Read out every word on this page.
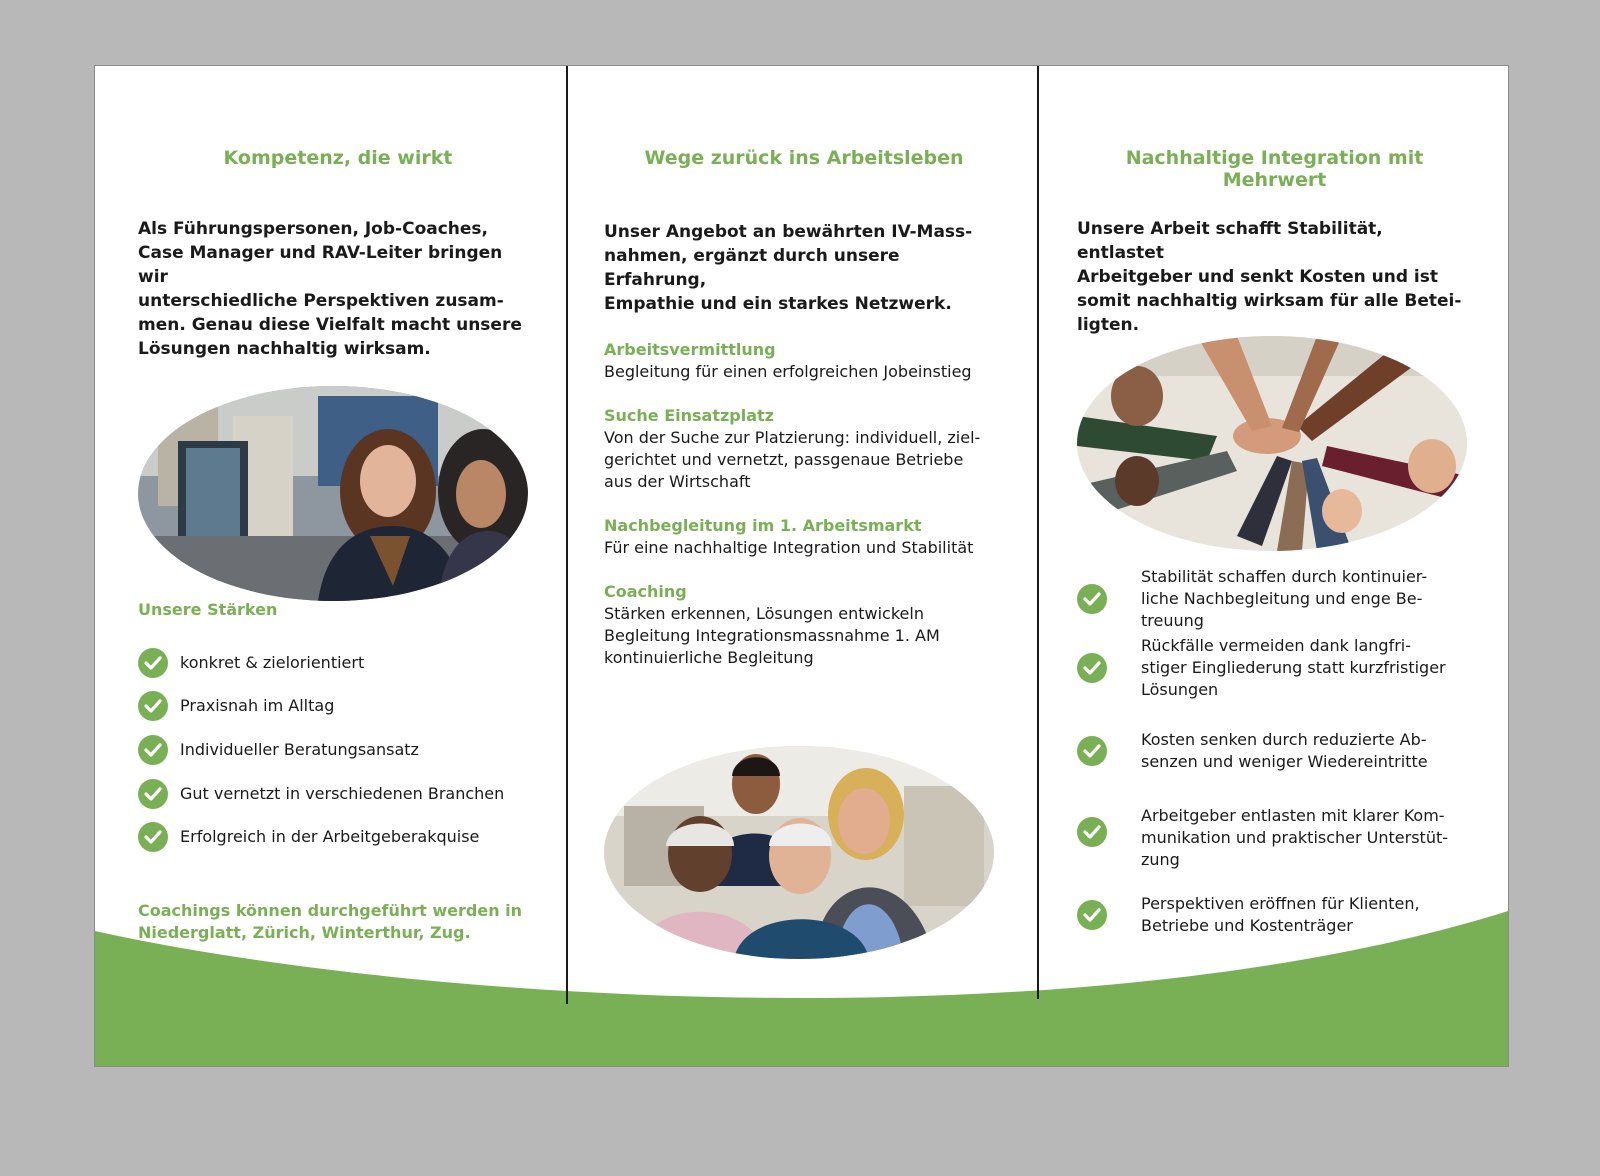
Kompetenz, die wirkt
Als Führungspersonen, Job-Coaches,
Case Manager und RAV-Leiter bringen wir
unterschiedliche Perspektiven zusam-
men. Genau diese Vielfalt macht unsere
Lösungen nachhaltig wirksam.
Unsere Stärken
konkret & zielorientiert
Praxisnah im Alltag
Individueller Beratungsansatz
Gut vernetzt in verschiedenen Branchen
Erfolgreich in der Arbeitgeberakquise
Coachings können durchgeführt werden in
Niederglatt, Zürich, Winterthur, Zug.
Wege zurück ins Arbeitsleben
Unser Angebot an bewährten IV-Mass-
nahmen, ergänzt durch unsere Erfahrung,
Empathie und ein starkes Netzwerk.
Arbeitsvermittlung
Begleitung für einen erfolgreichen Jobeinstieg
Suche Einsatzplatz
Von der Suche zur Platzierung: individuell, ziel-
gerichtet und vernetzt, passgenaue Betriebe
aus der Wirtschaft
Nachbegleitung im 1. Arbeitsmarkt
Für eine nachhaltige Integration und Stabilität
Coaching
Stärken erkennen, Lösungen entwickeln
Begleitung Integrationsmassnahme 1. AM
kontinuierliche Begleitung
Nachhaltige Integration mit Mehrwert
Unsere Arbeit schafft Stabilität, entlastet
Arbeitgeber und senkt Kosten und ist
somit nachhaltig wirksam für alle Betei-
ligten.
Stabilität schaffen durch kontinuier-
liche Nachbegleitung und enge Be-
treuung
Rückfälle vermeiden dank langfri-
stiger Eingliederung statt kurzfristiger
Lösungen
Kosten senken durch reduzierte Ab-
senzen und weniger Wiedereintritte
Arbeitgeber entlasten mit klarer Kom-
munikation und praktischer Unterstüt-
zung
Perspektiven eröffnen für Klienten,
Betriebe und Kostenträger
